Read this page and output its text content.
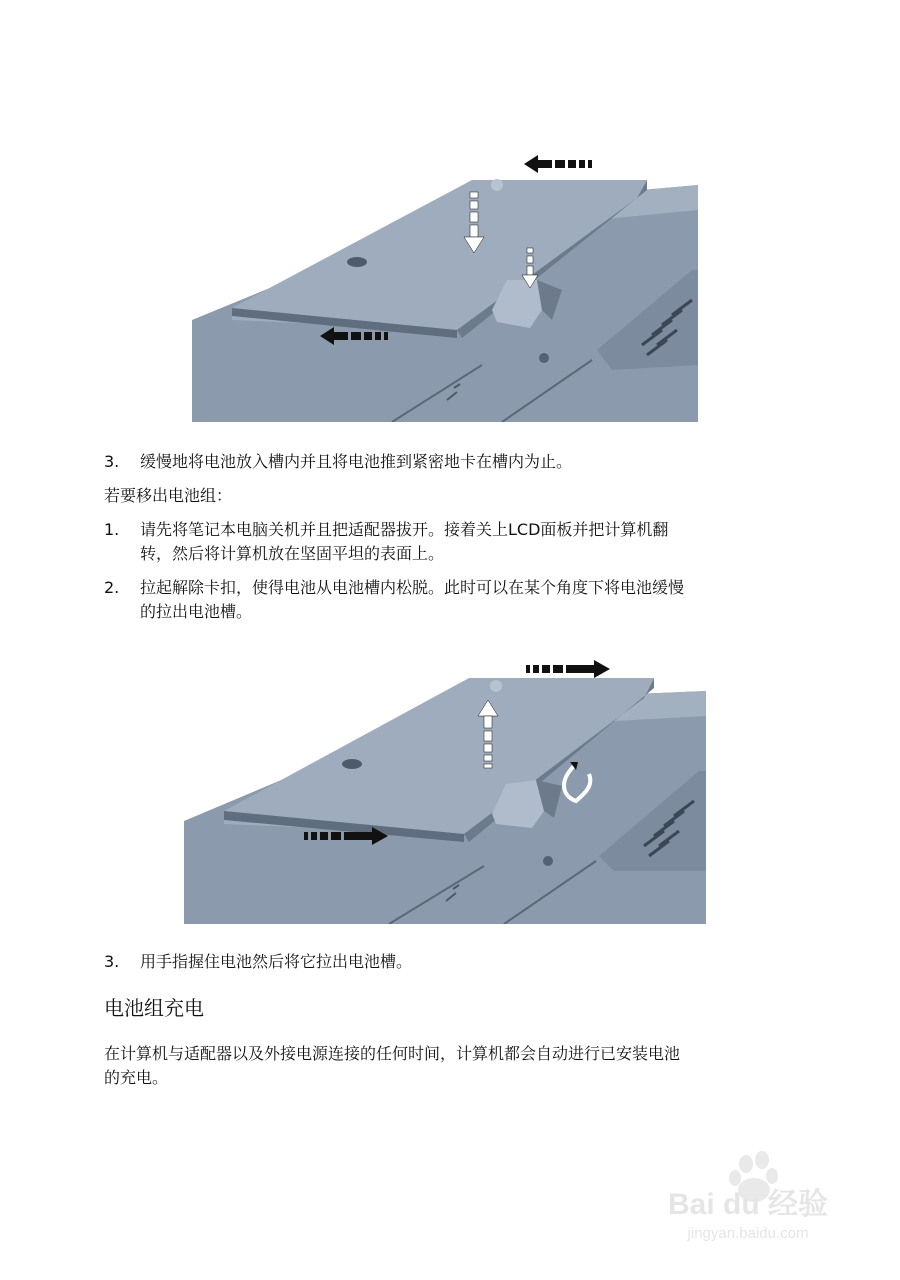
3. 缓慢地将电池放入槽内并且将电池推到紧密地卡在槽内为止。
若要移出电池组：
1. 请先将笔记本电脑关机并且把适配器拔开。接着关上LCD面板并把计算机翻
转，然后将计算机放在坚固平坦的表面上。
2. 拉起解除卡扣，使得电池从电池槽内松脱。此时可以在某个角度下将电池缓慢
的拉出电池槽。
3. 用手指握住电池然后将它拉出电池槽。
电池组充电
在计算机与适配器以及外接电源连接的任何时间，计算机都会自动进行已安装电池
的充电。
Bai du 经验
jingyan.baidu.com
